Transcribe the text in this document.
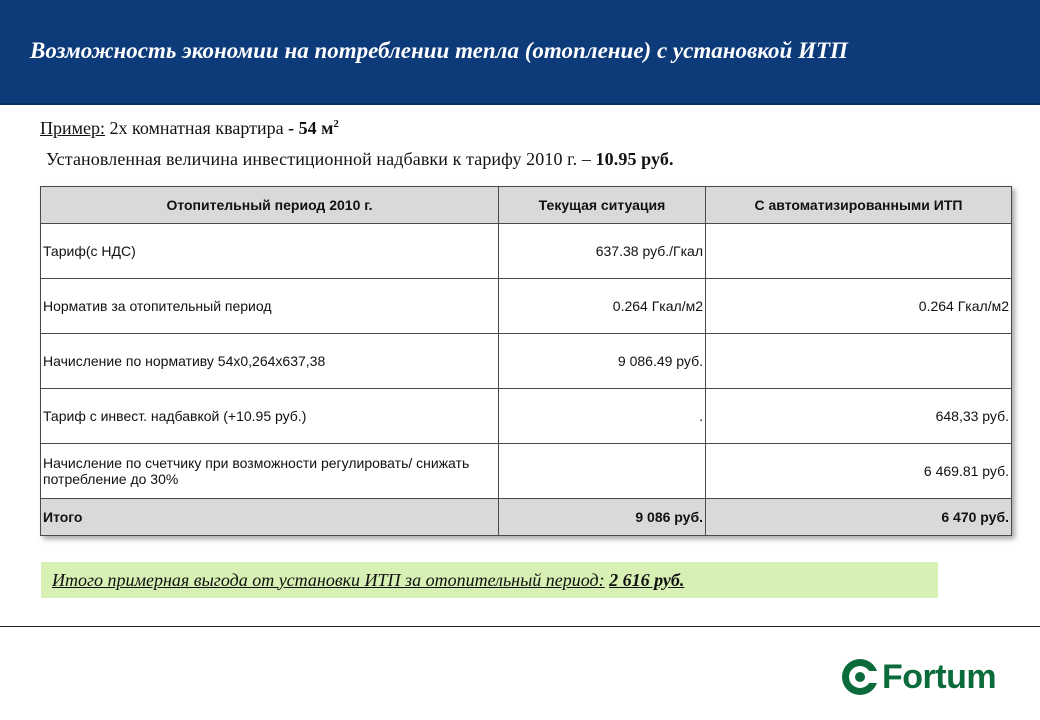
Возможность экономии на потреблении тепла (отопление) с установкой ИТП
Пример: 2х комнатная квартира - 54 $м^2$
Установленная величина инвестиционной надбавки к тарифу 2010 г. – 10.95 руб.
Отопительный период 2010 г.	Текущая ситуация	С автоматизированными ИТП
Тариф(с НДС)	637.38 руб./Гкал	
Норматив за отопительный период	0.264 Гкал/м2	0.264 Гкал/м2
Начисление по нормативу 54х0,264х637,38	9 086.49 руб.	
Тариф с инвест. надбавкой (+10.95 руб.)	.	648,33 руб.
Начисление по счетчику при возможности регулировать/ снижать потребление до 30%		6 469.81 руб.
Итого	9 086 руб.	6 470 руб.
Итого примерная выгода от установки ИТП за отопительный период:
2 616 руб.
Fortum
